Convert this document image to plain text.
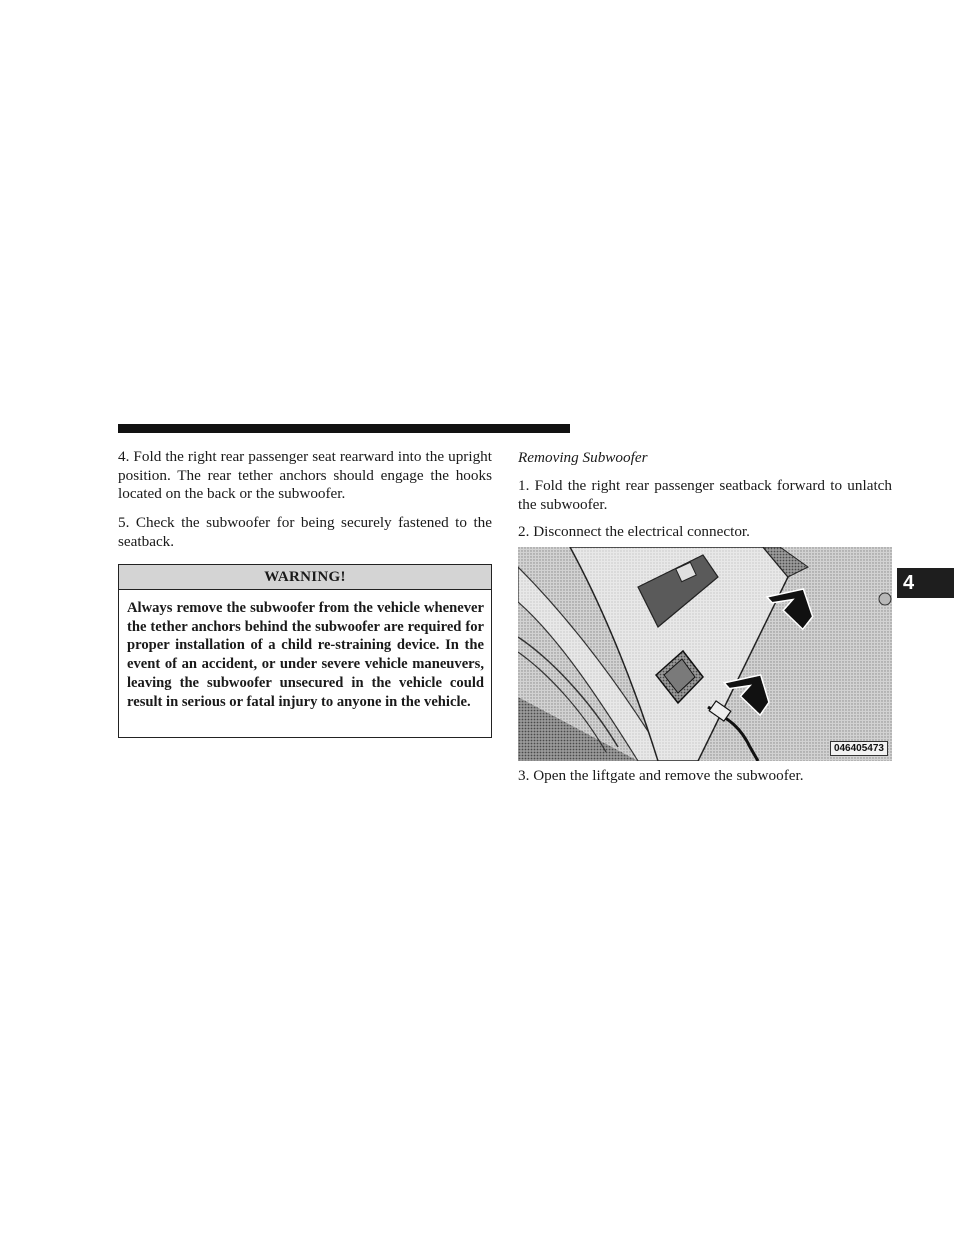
4. Fold the right rear passenger seat rearward into the upright position. The rear tether anchors should engage the hooks located on the back or the subwoofer.

5. Check the subwoofer for being securely fastened to the seatback.

WARNING!

Always remove the subwoofer from the vehicle whenever the tether anchors behind the subwoofer are required for proper installation of a child re-straining device. In the event of an accident, or under severe vehicle maneuvers, leaving the subwoofer unsecured in the vehicle could result in serious or fatal injury to anyone in the vehicle.

Removing Subwoofer

1. Fold the right rear passenger seatback forward to unlatch the subwoofer.

2. Disconnect the electrical connector.

046405473

3. Open the liftgate and remove the subwoofer.

4
